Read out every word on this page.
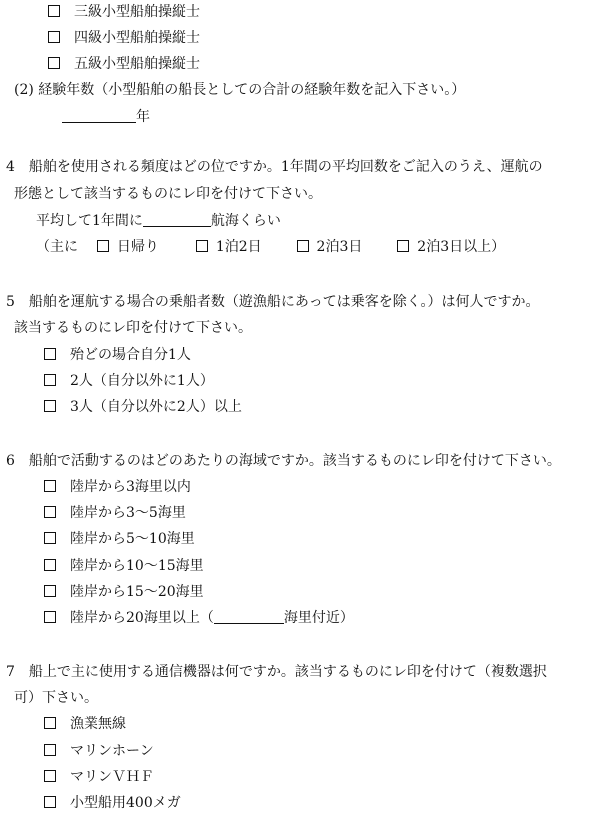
三級小型船舶操縦士
四級小型船舶操縦士
五級小型船舶操縦士
(2) 経験年数（小型船舶の船長としての合計の経験年数を記入下さい。）
年
4　船舶を使用される頻度はどの位ですか。1年間の平均回数をご記入のうえ、運航の
形態として該当するものにレ印を付けて下さい。
平均して1年間に	航海くらい
（主に	日帰り	1泊2日	2泊3日	2泊3日以上）
5　船舶を運航する場合の乗船者数（遊漁船にあっては乗客を除く。）は何人ですか。
該当するものにレ印を付けて下さい。
殆どの場合自分1人
2人（自分以外に1人）
3人（自分以外に2人）以上
6　船舶で活動するのはどのあたりの海域ですか。該当するものにレ印を付けて下さい。
陸岸から3海里以内
陸岸から3～5海里
陸岸から5～10海里
陸岸から10～15海里
陸岸から15～20海里
陸岸から20海里以上（	海里付近）
7　船上で主に使用する通信機器は何ですか。該当するものにレ印を付けて（複数選択
可）下さい。
漁業無線
マリンホーン
マリンＶＨＦ
小型船用400メガ
